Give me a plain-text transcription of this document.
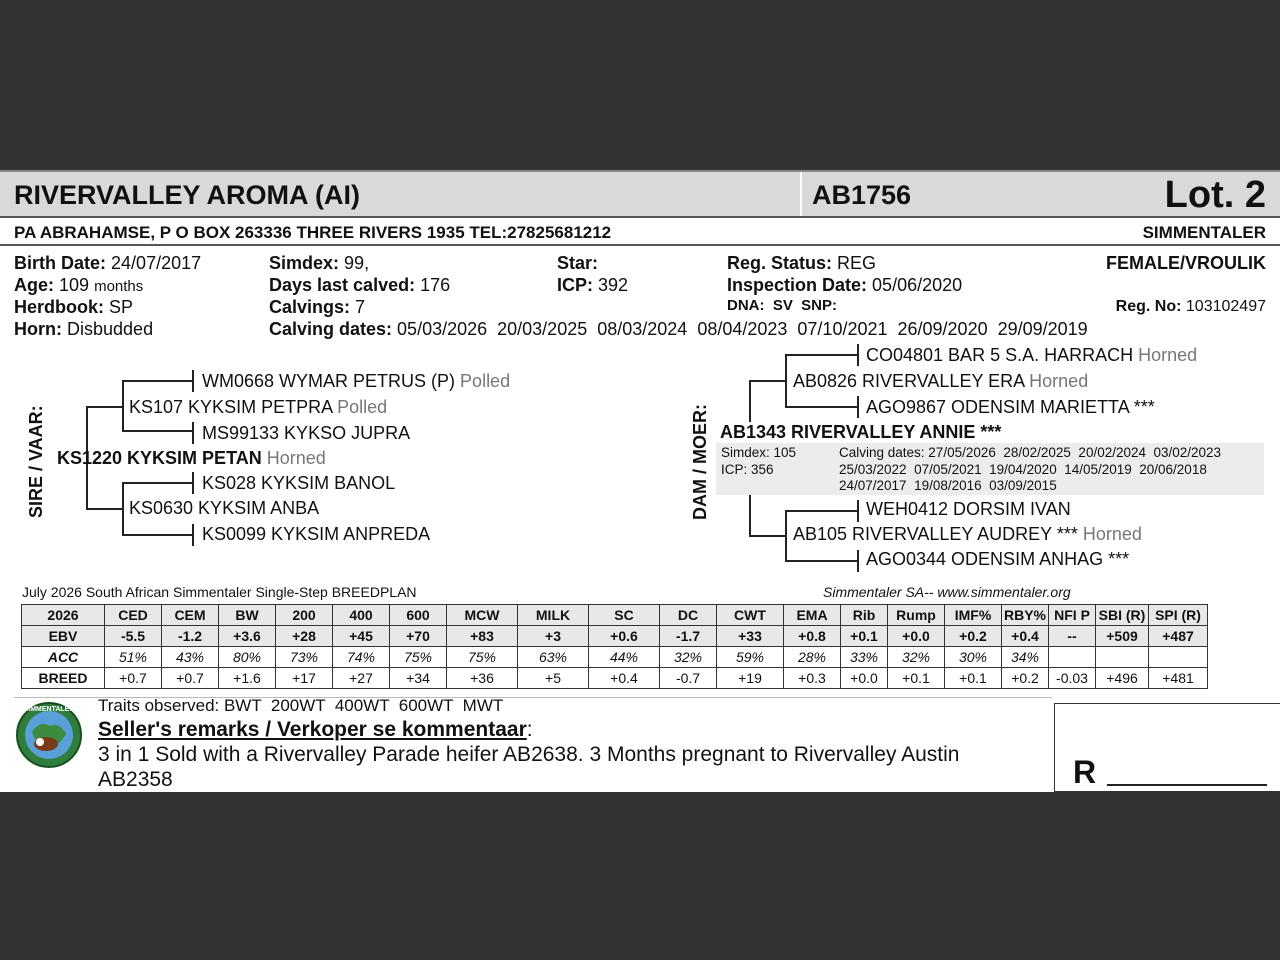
RIVERVALLEY AROMA (AI)	AB1756	Lot. 2
PA ABRAHAMSE, P O BOX 263336 THREE RIVERS 1935 TEL:27825681212	SIMMENTALER
Birth Date: 24/07/2017
Age: 109 months
Herdbook: SP
Horn: Disbudded
Simdex: 99,
Days last calved: 176
Calvings: 7
Calving dates: 05/03/2026  20/03/2025  08/03/2024  08/04/2023  07/10/2021  26/09/2020  29/09/2019
Star:
ICP: 392
Reg. Status: REG
Inspection Date: 05/06/2020
DNA:  SV  SNP:
FEMALE/VROULIK
Reg. No: 103102497
SIRE / VAAR:
WM0668 WYMAR PETRUS (P) Polled
KS107 KYKSIM PETPRA Polled
MS99133 KYKSO JUPRA
KS1220 KYKSIM PETAN Horned
KS028 KYKSIM BANOL
KS0630 KYKSIM ANBA
KS0099 KYKSIM ANPREDA
DAM / MOER:
CO04801 BAR 5 S.A. HARRACH Horned
AB0826 RIVERVALLEY ERA Horned
AGO9867 ODENSIM MARIETTA ***
AB1343 RIVERVALLEY ANNIE ***
Simdex: 105
ICP: 356
Calving dates: 27/05/2026  28/02/2025  20/02/2024  03/02/2023
25/03/2022  07/05/2021  19/04/2020  14/05/2019  20/06/2018
24/07/2017  19/08/2016  03/09/2015
WEH0412 DORSIM IVAN
AB105 RIVERVALLEY AUDREY *** Horned
AGO0344 ODENSIM ANHAG ***
July 2026 South African Simmentaler Single-Step BREEDPLAN	Simmentaler SA-- www.simmentaler.org
2026	CED	CEM	BW	200	400	600	MCW	MILK	SC	DC	CWT	EMA	Rib	Rump	IMF%	RBY%	NFI P	SBI (R)	SPI (R)
EBV	-5.5	-1.2	+3.6	+28	+45	+70	+83	+3	+0.6	-1.7	+33	+0.8	+0.1	+0.0	+0.2	+0.4	--	+509	+487
ACC	51%	43%	80%	73%	74%	75%	75%	63%	44%	32%	59%	28%	33%	32%	30%	34%			
BREED	+0.7	+0.7	+1.6	+17	+27	+34	+36	+5	+0.4	-0.7	+19	+0.3	+0.0	+0.1	+0.1	+0.2	-0.03	+496	+481
SIMMENTALER Traits observed: BWT  200WT  400WT  600WT  MWT
Seller's remarks / Verkoper se kommentaar:
3 in 1 Sold with a Rivervalley Parade heifer AB2638. 3 Months pregnant to Rivervalley Austin
AB2358	R
